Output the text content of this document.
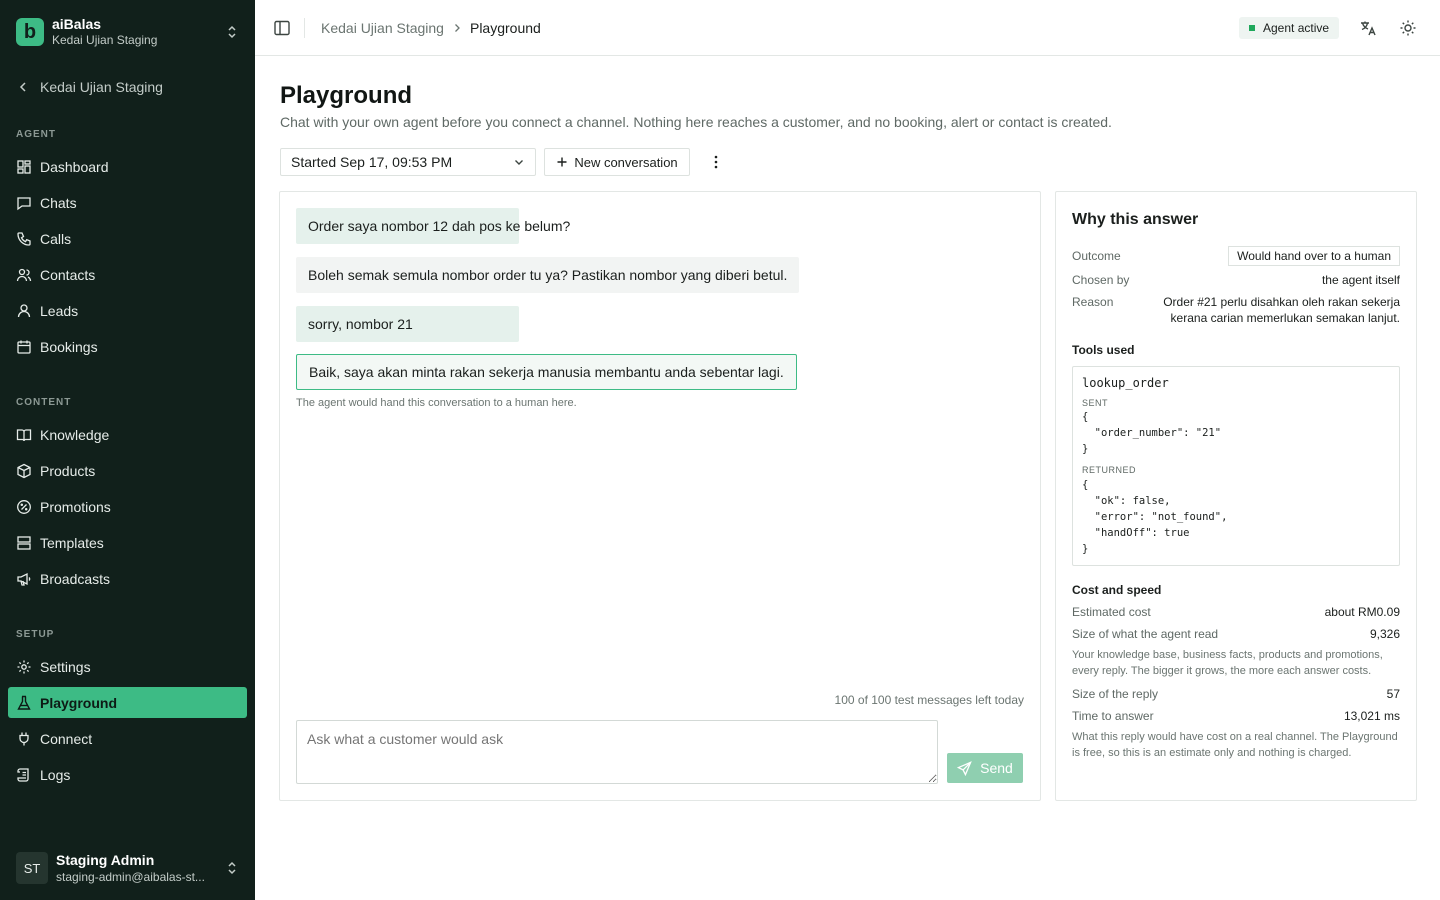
b	aiBalas
Kedai Ujian Staging
Kedai Ujian Staging
AGENT
Dashboard
Chats
Calls
Contacts
Leads
Bookings
CONTENT
Knowledge
Products
Promotions
Templates
Broadcasts
SETUP
Settings
Playground
Connect
Logs
ST
Staging Admin
staging-admin@aibalas-st...
Kedai Ujian Staging Playground	Agent active
Playground

Chat with your own agent before you connect a channel. Nothing here reaches a customer, and no booking, alert or contact is created.

Started Sep 17, 09:53 PM	New conversation
Order saya nombor 12 dah pos ke belum?
Boleh semak semula nombor order tu ya? Pastikan nombor yang diberi betul.
sorry, nombor 21
Baik, saya akan minta rakan sekerja manusia membantu anda sebentar lagi.
The agent would hand this conversation to a human here.
100 of 100 test messages left today
Ask what a customer would ask
Send
Why this answer
Outcome	Would hand over to a human
Chosen by	the agent itself
Reason	Order #21 perlu disahkan oleh rakan sekerja
kerana carian memerlukan semakan lanjut.
Tools used
lookup_order
SENT
{
"order_number": "21"
}
RETURNED
{
"ok": false,
"error": "not_found",
"handOff": true
}
Cost and speed
Estimated cost	about RM0.09
Size of what the agent read	9,326
Your knowledge base, business facts, products and promotions, every reply. The bigger it grows, the more each answer costs.
Size of the reply	57
Time to answer	13,021 ms
What this reply would have cost on a real channel. The Playground is free, so this is an estimate only and nothing is charged.
